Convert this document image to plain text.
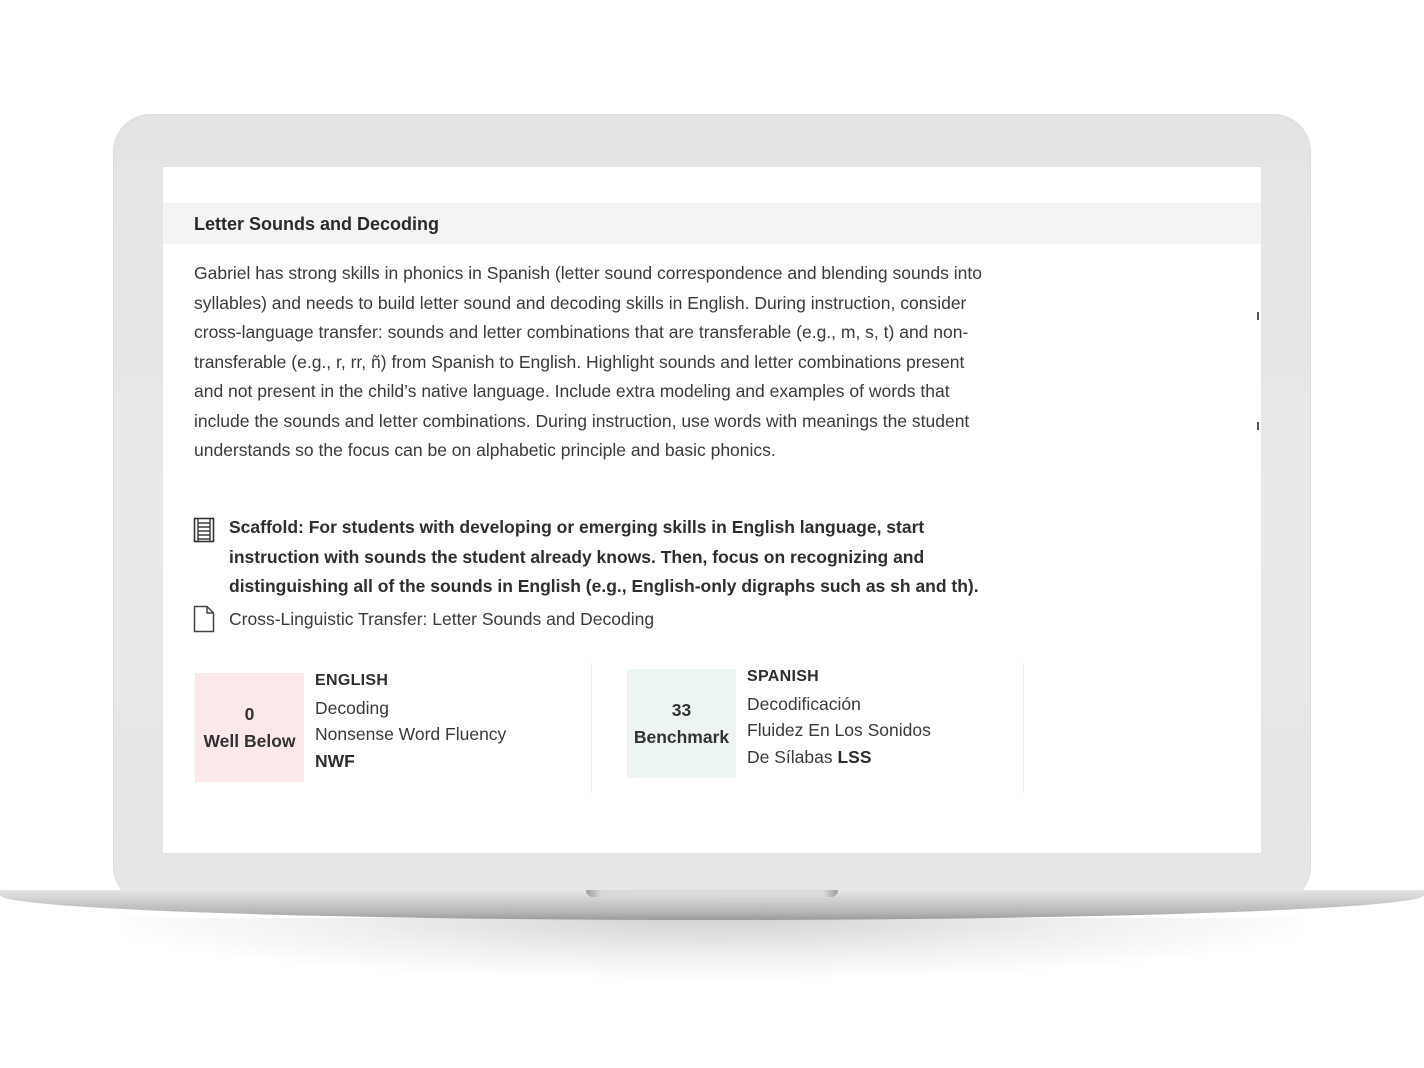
Letter Sounds and Decoding

Gabriel has strong skills in phonics in Spanish (letter sound correspondence and blending sounds into syllables) and needs to build letter sound and decoding skills in English. During instruction, consider cross-language transfer: sounds and letter combinations that are transferable (e.g., m, s, t) and non-transferable (e.g., r, rr, ñ) from Spanish to English. Highlight sounds and letter combinations present and not present in the child’s native language. Include extra modeling and examples of words that include the sounds and letter combinations. During instruction, use words with meanings the student understands so the focus can be on alphabetic principle and basic phonics.

Scaffold: For students with developing or emerging skills in English language, start instruction with sounds the student already knows. Then, focus on recognizing and distinguishing all of the sounds in English (e.g., English-only digraphs such as sh and th).

Cross-Linguistic Transfer: Letter Sounds and Decoding
0
Well Below
ENGLISH
Decoding
Nonsense Word Fluency
NWF
33
Benchmark
SPANISH
Decodificación
Fluidez En Los Sonidos
De Sílabas LSS
